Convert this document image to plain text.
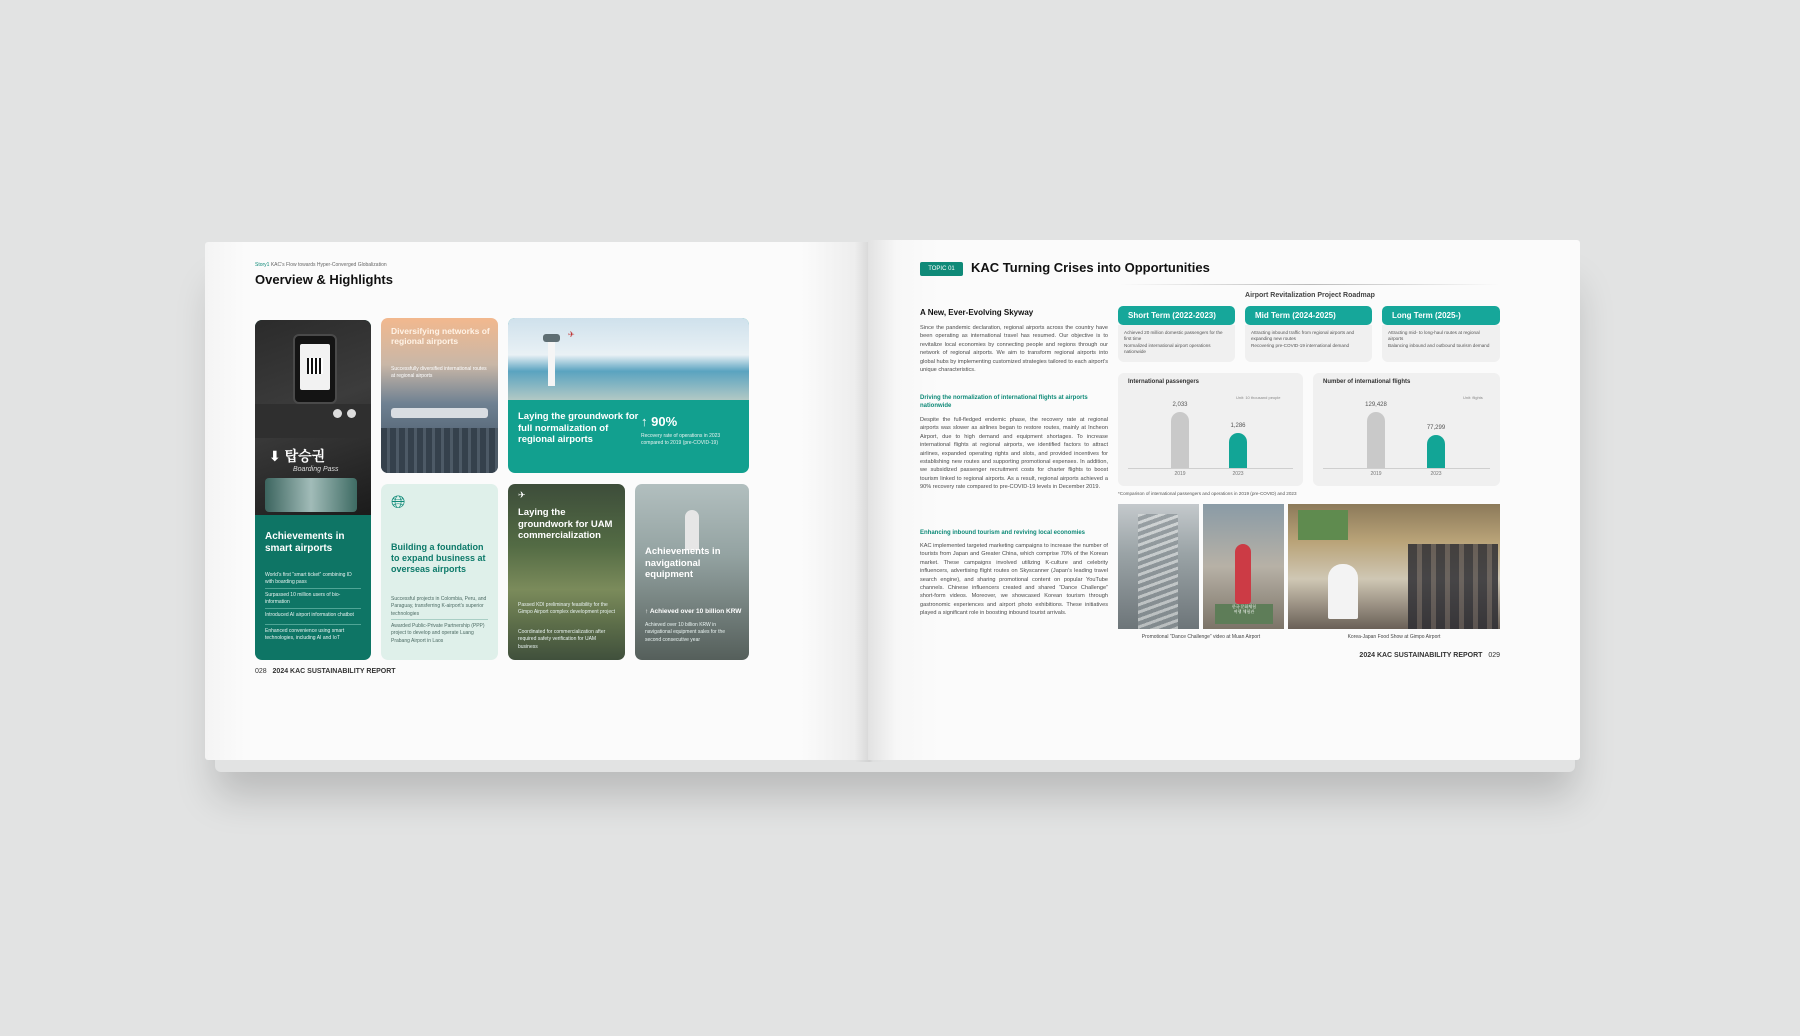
Story1 KAC’s Flow towards Hyper-Converged Globalization
Overview & Highlights
⬇ 탑승권
Boarding Pass
Achievements in smart airports
World’s first “smart ticket” combining ID with boarding pass
Surpassed 10 million users of bio-information
Introduced AI airport information chatbot
Enhanced convenience using smart technologies, including AI and IoT
Diversifying networks of regional airports
Successfully diversified international routes at regional airports
✈
Laying the groundwork for full normalization of regional airports
↑ 90%
Recovery rate of operations in 2023 compared to 2019 (pre-COVID-19)
🌐︎
Building a foundation to expand business at overseas airports
Successful projects in Colombia, Peru, and Paraguay, transferring K-airport’s superior technologies
Awarded Public-Private Partnership (PPP) project to develop and operate Luang Prabang Airport in Laos
✈
Laying the groundwork for UAM commercialization
Passed KDI preliminary feasibility for the Gimpo Airport complex development project
Coordinated for commercialization after required safety verification for UAM business
Achievements in navigational equipment
↑ Achieved over 10 billion KRW
Achieved over 10 billion KRW in navigational equipment sales for the second consecutive year
028 2024 KAC SUSTAINABILITY REPORT
TOPIC 01	KAC Turning Crises into Opportunities
A New, Ever-Evolving Skyway
Since the pandemic declaration, regional airports across the country have been operating as international travel has resumed. Our objective is to revitalize local economies by connecting people and regions through our network of regional airports. We aim to transform regional airports into global hubs by implementing customized strategies tailored to each airport’s unique characteristics.
Driving the normalization of international flights at airports nationwide
Despite the full-fledged endemic phase, the recovery rate at regional airports was slower as airlines began to restore routes, mainly at Incheon Airport, due to high demand and equipment shortages. To increase international flights at regional airports, we identified factors to attract airlines, expanded operating rights and slots, and provided incentives for establishing new routes and supporting promotional expenses. In addition, we subsidized passenger recruitment costs for charter flights to boost tourism linked to regional airports. As a result, regional airports achieved a 90% recovery rate compared to pre-COVID-19 levels in December 2019.
Enhancing inbound tourism and reviving local economies
KAC implemented targeted marketing campaigns to increase the number of tourists from Japan and Greater China, which comprise 70% of the Korean market. These campaigns involved utilizing K-culture and celebrity influencers, advertising flight routes on Skyscanner (Japan’s leading travel search engine), and sharing promotional content on popular YouTube channels. Chinese influencers created and shared “Dance Challenge” short-form videos. Moreover, we showcased Korean tourism through gastronomic experiences and airport photo exhibitions. These initiatives played a significant role in boosting inbound tourist arrivals.
Airport Revitalization Project Roadmap
Short Term (2022-2023)
Achieved 20 million domestic passengers for the first time
Normalized international airport operations nationwide
Mid Term (2024-2025)
Attracting inbound traffic from regional airports and expanding new routes
Recovering pre-COVID-19 international demand
Long Term (2025-)
Attracting mid- to long-haul routes at regional airports
Balancing inbound and outbound tourism demand
International passengers
Unit: 10 thousand people
2,033
1,286
2019	2023
Number of international flights
Unit: flights
129,428
77,299
2019	2023
*Comparison of international passengers and operations in 2019 (pre-COVID) and 2023
한국 문화체험
여행 체험관
Promotional “Dance Challenge” video at Muan Airport	Korea-Japan Food Show at Gimpo Airport
2024 KAC SUSTAINABILITY REPORT 029
